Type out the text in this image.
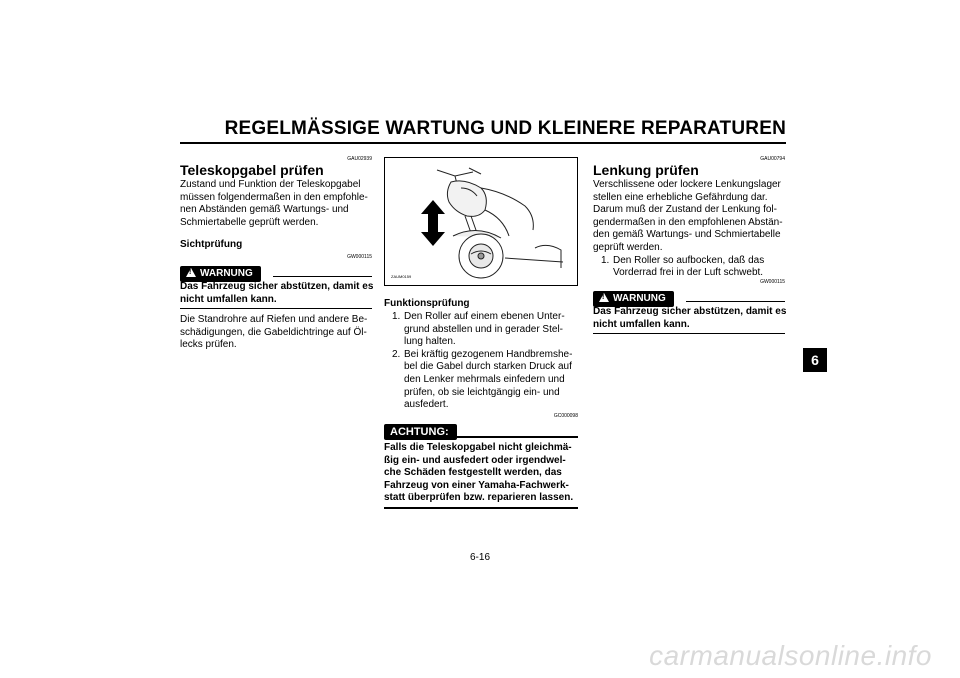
REGELMÄSSIGE WARTUNG UND KLEINERE REPARATUREN
GAU02939
Teleskopgabel prüfen
Zustand und Funktion der Teleskopgabel
müssen folgendermaßen in den empfohle-
nen Abständen gemäß Wartungs- und
Schmiertabelle geprüft werden.
Sichtprüfung
GW000115
!WARNUNG
Das Fahrzeug sicher abstützen, damit es
nicht umfallen kann.
Die Standrohre auf Riefen und andere Be-
schädigungen, die Gabeldichtringe auf Öl-
lecks prüfen.
ZAUM0159
Funktionsprüfung
1. Den Roller auf einem ebenen Unter-
grund abstellen und in gerader Stel-
lung halten.
2. Bei kräftig gezogenem Handbremshe-
bel die Gabel durch starken Druck auf
den Lenker mehrmals einfedern und
prüfen, ob sie leichtgängig ein- und
ausfedert.
GC000098
ACHTUNG:
Falls die Teleskopgabel nicht gleichmä-
ßig ein- und ausfedert oder irgendwel-
che Schäden festgestellt werden, das
Fahrzeug von einer Yamaha-Fachwerk-
statt überprüfen bzw. reparieren lassen.
GAU00794
Lenkung prüfen
Verschlissene oder lockere Lenkungslager
stellen eine erhebliche Gefährdung dar.
Darum muß der Zustand der Lenkung fol-
gendermaßen in den empfohlenen Abstän-
den gemäß Wartungs- und Schmiertabelle
geprüft werden.
1. Den Roller so aufbocken, daß das
Vorderrad frei in der Luft schwebt.
GW000115
!WARNUNG
Das Fahrzeug sicher abstützen, damit es
nicht umfallen kann.
6
6-16
carmanualsonline.info
